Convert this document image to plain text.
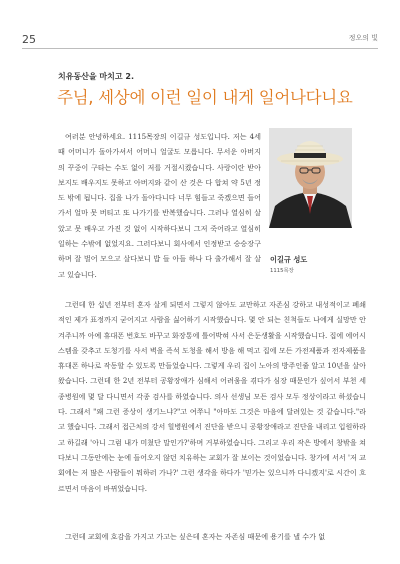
25	정오의 빛
치유동산을 마치고 2.
주님, 세상에 이런 일이 내게 일어나다니요

여러분 안녕하세요. 1115목장의 이길규 성도입니다. 저는 4세 때 어머니가 돌아가셔서 어머니 얼굴도 모릅니다. 무서운 아버지의 꾸중이 구타는 수도 없이 저를 거절시켰습니다. 사랑이란 받아보지도 배우지도 못하고 아버지와 같이 산 것은 다 합쳐 약 5년 정도 밖에 됩니다. 집을 나가 돌아다니다 너무 힘들고 죽겠으면 들어가서 얼마 못 버티고 또 나가기를 반복했습니다. 그러나 열심히 살았고 못 배우고 가진 것 없이 시작하다보니 그저 죽어라고 열심히 일하는 수밖에 없었지요. 그러다보니 회사에서 인정받고 승승장구하며 잘 벌어 모으고 살다보니 밥 들 아들 하나 다 출가해서 잘 살고 있습니다.

이길규 성도
1115목장

그런데 한 십년 전부터 혼자 살게 되면서 그렇지 않아도 교만하고 자존심 강하고 내성적이고 폐쇄적인 제가 표정까지 굳어지고 사람을 싫어하기 시작했습니다. 몇 안 되는 친척들도 나에게 실망만 안겨주니까 아예 휴대폰 번호도 바꾸고 화장통에 틀어박혀 사서 은둔생활을 시작했습니다. 집에 에어시스템을 갖추고 도청기를 사서 벽을 즉석 도청을 해서 방음 해 먹고 집에 모든 가전제품과 전자제품을 휴대폰 하나로 작동할 수 있도록 만들었습니다. 그렇게 우리 집이 노아의 방주인줄 알고 10년을 살아왔습니다. 그런데 한 2년 전부터 공황장애가 심해서 어려움을 겪다가 심장 때문인가 싶어서 부천 세종병원에 몇 달 다니면서 각종 검사를 하였습니다. 의사 선생님 모든 검사 모두 정상이라고 하셨습니다. 그래서 "왜 그런 증상이 생기느냐?"고 여쭈니 "아마도 그것은 마음에 달려있는 것 같습니다."라고 했습니다. 그래서 접근처의 강서 힐병원에서 진단을 받으니 공황장애라고 진단을 내리고 입원하라고 하길래 '아니 그럼 내가 미쳤단 말인가?'하며 거부하였습니다. 그리고 우리 작은 방에서 창밖을 쳐다보니 그동안에는 눈에 들어오지 않던 치유하는 교회가 잘 보이는 것이었습니다. 창가에 서서 '저 교회에는 저 많은 사람들이 뭐하러 가나?' 그런 생각을 하다가 '믿가는 있으니까 다니겠지'로 시간이 흐르면서 마음이 바뀌었습니다.

그런데 교회에 호감을 가지고 가고는 싶은데 혼자는 자존심 때문에 용기를 낼 수가 없
